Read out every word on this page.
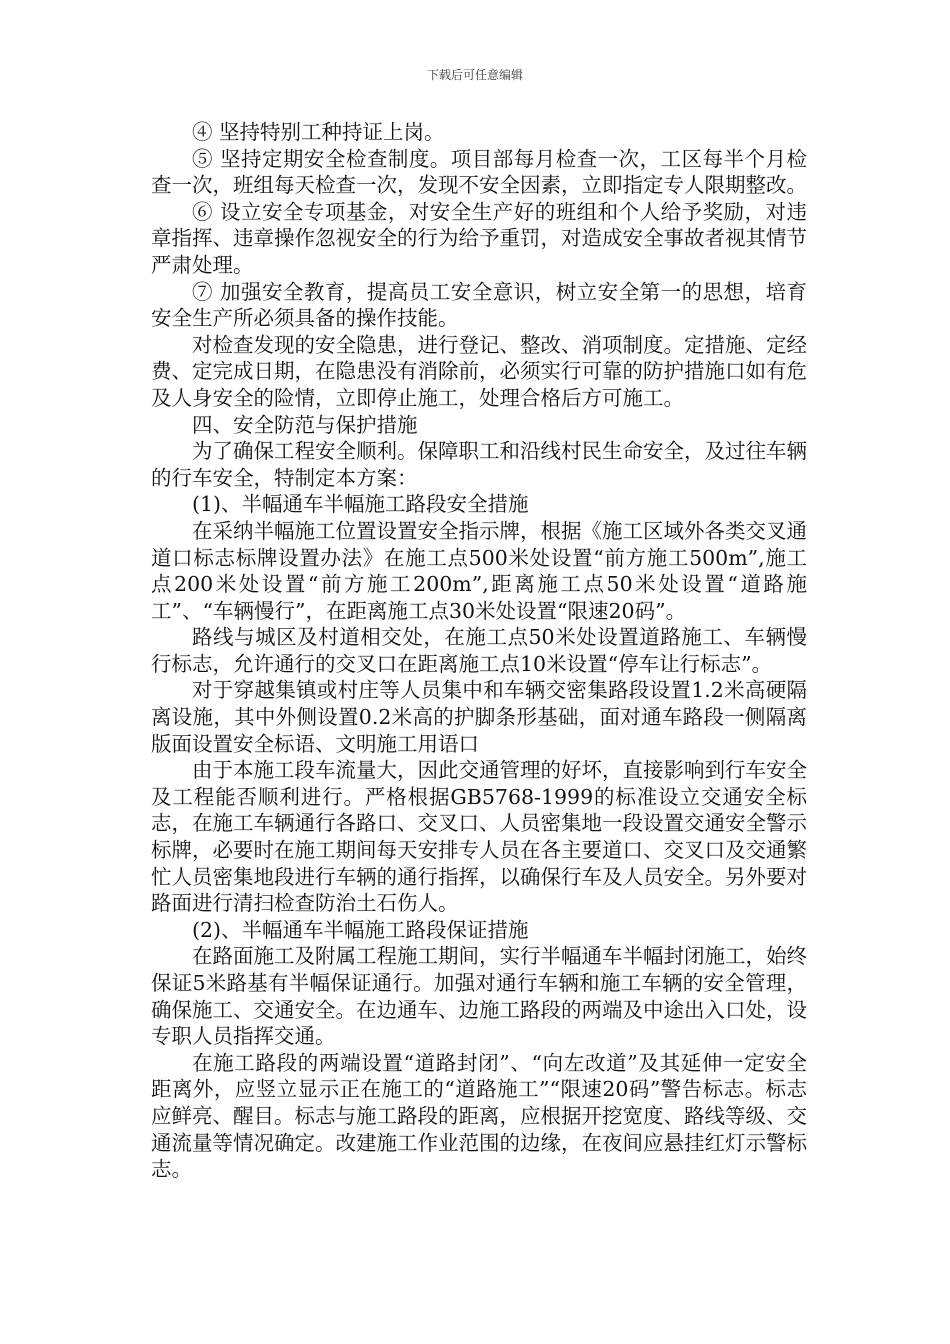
下载后可任意编辑

④ 坚持特别工种持证上岗。

⑤ 坚持定期安全检查制度。项目部每月检查一次，工区每半个月检查一次，班组每天检查一次，发现不安全因素，立即指定专人限期整改。

⑥ 设立安全专项基金，对安全生产好的班组和个人给予奖励，对违章指挥、违章操作忽视安全的行为给予重罚，对造成安全事故者视其情节严肃处理。

⑦ 加强安全教育，提高员工安全意识，树立安全第一的思想，培育安全生产所必须具备的操作技能。

对检查发现的安全隐患，进行登记、整改、消项制度。定措施、定经费、定完成日期，在隐患没有消除前，必须实行可靠的防护措施口如有危及人身安全的险情，立即停止施工，处理合格后方可施工。

四、安全防范与保护措施

为了确保工程安全顺利。保障职工和沿线村民生命安全，及过往车辆的行车安全，特制定本方案：

(1)、半幅通车半幅施工路段安全措施

在采纳半幅施工位置设置安全指示牌，根据《施工区域外各类交叉通道口标志标牌设置办法》在施工点500米处设置“前方施工500m”,施工点200米处设置“前方施工200m”,距离施工点50米处设置“道路施工”、“车辆慢行”，在距离施工点30米处设置“限速20码”。

路线与城区及村道相交处，在施工点50米处设置道路施工、车辆慢行标志，允许通行的交叉口在距离施工点10米设置“停车让行标志”。

对于穿越集镇或村庄等人员集中和车辆交密集路段设置1.2米高硬隔离设施，其中外侧设置0.2米高的护脚条形基础，面对通车路段一侧隔离版面设置安全标语、文明施工用语口

由于本施工段车流量大，因此交通管理的好坏，直接影响到行车安全及工程能否顺利进行。严格根据GB5768-1999的标准设立交通安全标志，在施工车辆通行各路口、交叉口、人员密集地一段设置交通安全警示标牌，必要时在施工期间每天安排专人员在各主要道口、交叉口及交通繁忙人员密集地段进行车辆的通行指挥，以确保行车及人员安全。另外要对路面进行清扫检查防治土石伤人。

(2)、半幅通车半幅施工路段保证措施

在路面施工及附属工程施工期间，实行半幅通车半幅封闭施工，始终保证5米路基有半幅保证通行。加强对通行车辆和施工车辆的安全管理，确保施工、交通安全。在边通车、边施工路段的两端及中途出入口处，设专职人员指挥交通。

在施工路段的两端设置“道路封闭”、“向左改道”及其延伸一定安全距离外，应竖立显示正在施工的“道路施工”“限速20码”警告标志。标志应鲜亮、醒目。标志与施工路段的距离，应根据开挖宽度、路线等级、交通流量等情况确定。改建施工作业范围的边缘，在夜间应悬挂红灯示警标志。
